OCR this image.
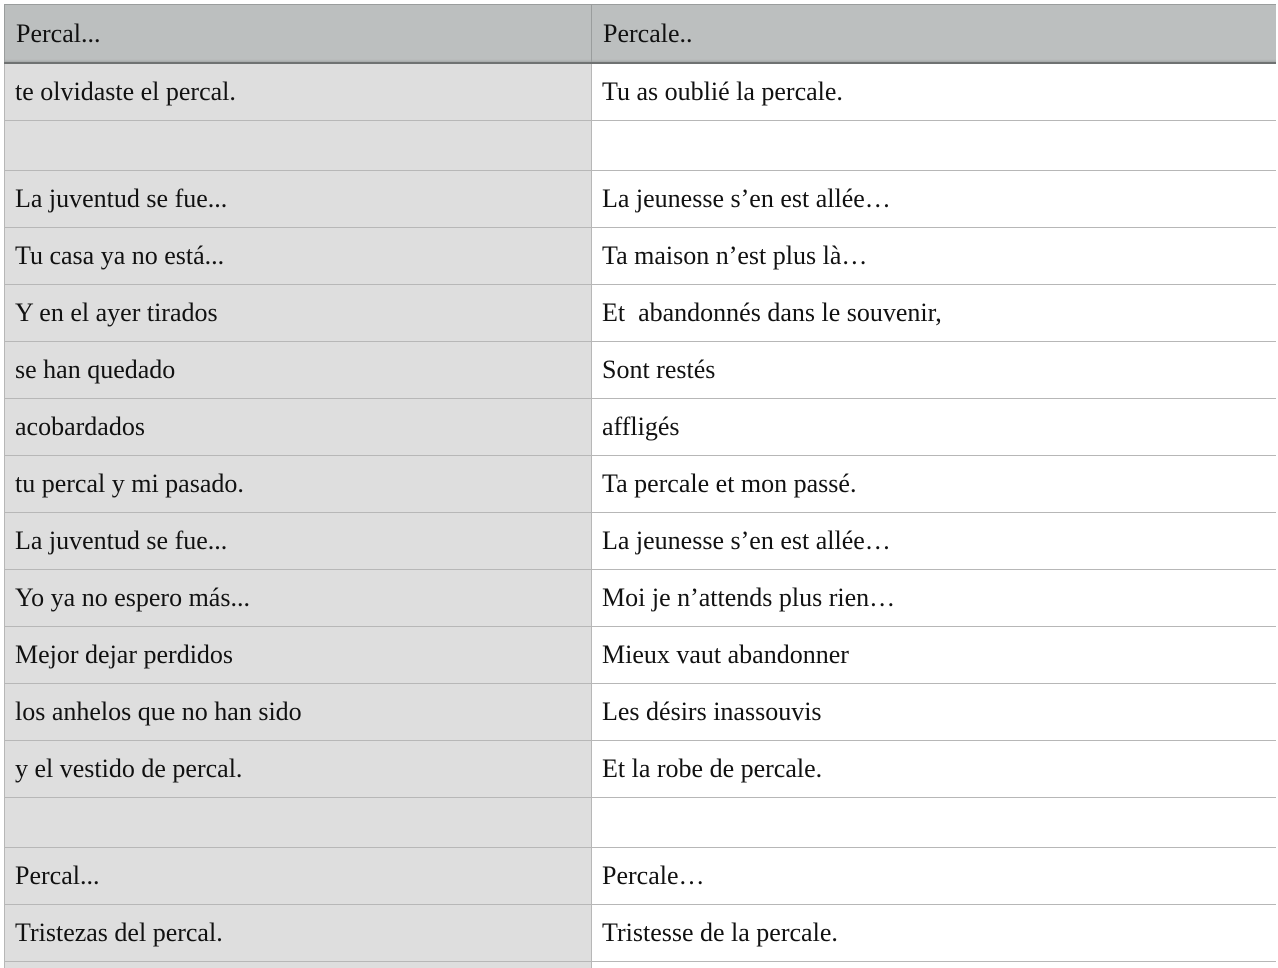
Percal...	Percale..
te olvidaste el percal.	Tu as oublié la percale.

La juventud se fue...	La jeunesse s’en est allée…
Tu casa ya no está...	Ta maison n’est plus là…
Y en el ayer tirados	Et  abandonnés dans le souvenir,
se han quedado	Sont restés
acobardados	affligés
tu percal y mi pasado.	Ta percale et mon passé.
La juventud se fue...	La jeunesse s’en est allée…
Yo ya no espero más...	Moi je n’attends plus rien…
Mejor dejar perdidos	Mieux vaut abandonner
los anhelos que no han sido	Les désirs inassouvis
y el vestido de percal.	Et la robe de percale.

Percal...	Percale…
Tristezas del percal.	Tristesse de la percale.
